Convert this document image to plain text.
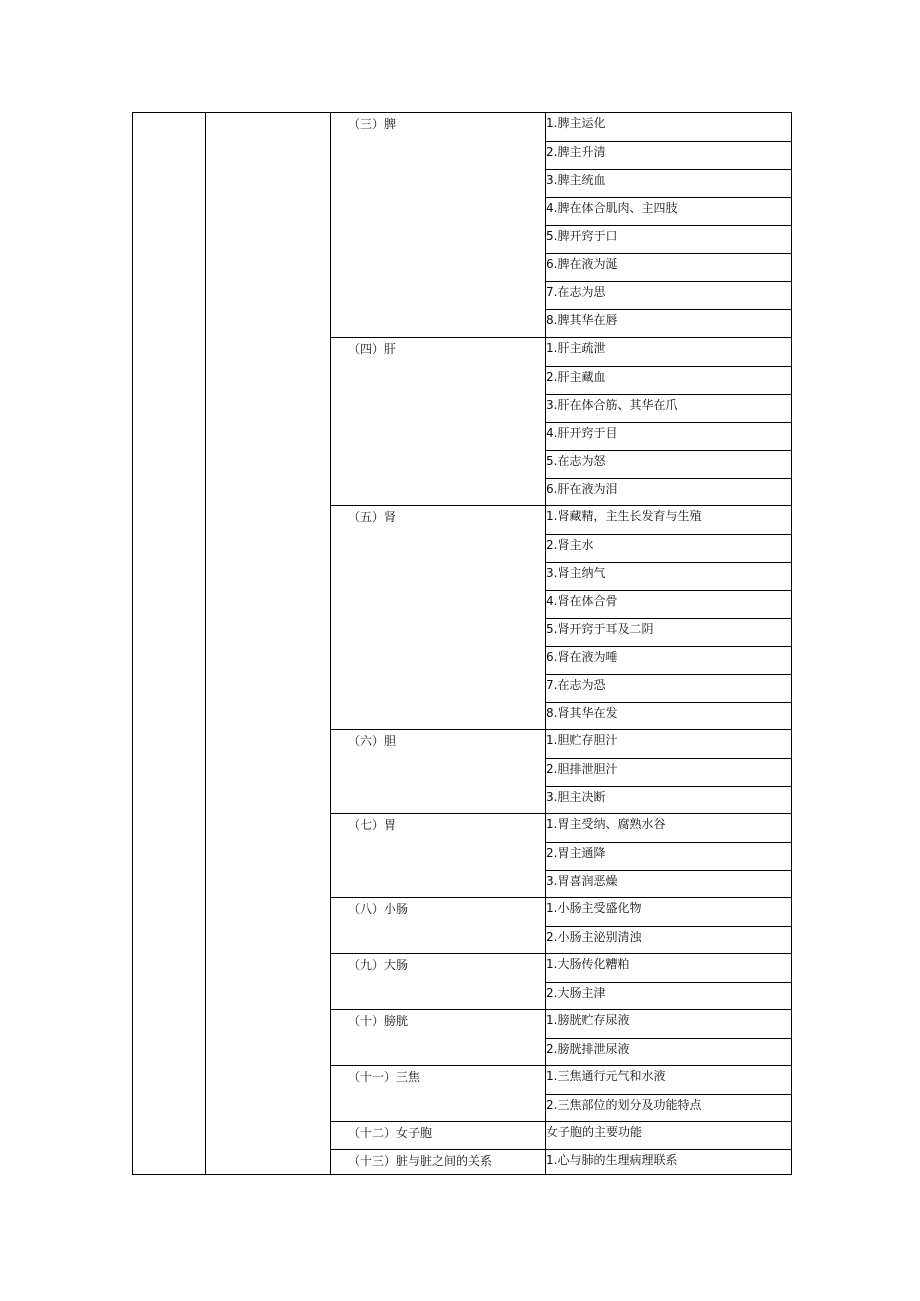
（三）脾	1.脾主运化
2.脾主升清
3.脾主统血
4.脾在体合肌肉、主四肢
5.脾开窍于口
6.脾在液为涎
7.在志为思
8.脾其华在唇
（四）肝	1.肝主疏泄
2.肝主藏血
3.肝在体合筋、其华在爪
4.肝开窍于目
5.在志为怒
6.肝在液为泪
（五）肾	1.肾藏精，主生长发育与生殖
2.肾主水
3.肾主纳气
4.肾在体合骨
5.肾开窍于耳及二阴
6.肾在液为唾
7.在志为恐
8.肾其华在发
（六）胆	1.胆贮存胆汁
2.胆排泄胆汁
3.胆主决断
（七）胃	1.胃主受纳、腐熟水谷
2.胃主通降
3.胃喜润恶燥
（八）小肠	1.小肠主受盛化物
2.小肠主泌别清浊
（九）大肠	1.大肠传化糟粕
2.大肠主津
（十）膀胱	1.膀胱贮存尿液
2.膀胱排泄尿液
（十一）三焦	1.三焦通行元气和水液
2.三焦部位的划分及功能特点
（十二）女子胞	女子胞的主要功能
（十三）脏与脏之间的关系	1.心与肺的生理病理联系
